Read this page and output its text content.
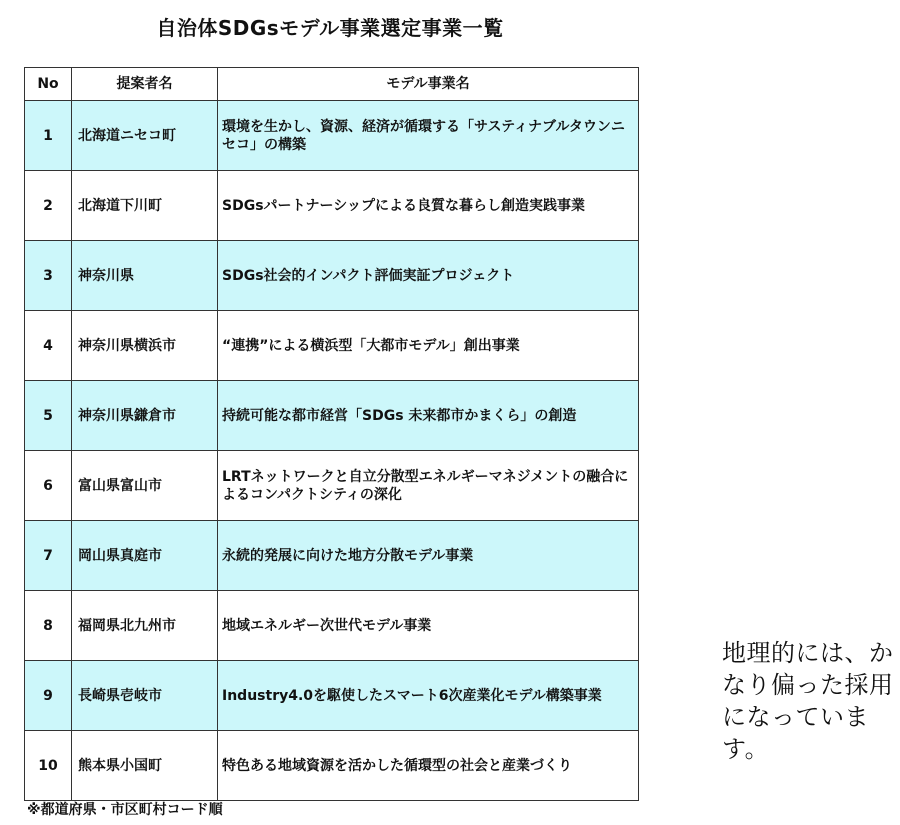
自治体SDGsモデル事業選定事業一覧
No	提案者名	モデル事業名
1	北海道ニセコ町	環境を生かし、資源、経済が循環する「サスティナブルタウンニセコ」の構築
2	北海道下川町	SDGsパートナーシップによる良質な暮らし創造実践事業
3	神奈川県	SDGs社会的インパクト評価実証プロジェクト
4	神奈川県横浜市	“連携”による横浜型「大都市モデル」創出事業
5	神奈川県鎌倉市	持続可能な都市経営「SDGs 未来都市かまくら」の創造
6	富山県富山市	LRTネットワークと自立分散型エネルギーマネジメントの融合によるコンパクトシティの深化
7	岡山県真庭市	永続的発展に向けた地方分散モデル事業
8	福岡県北九州市	地域エネルギー次世代モデル事業
9	長崎県壱岐市	Industry4.0を駆使したスマート6次産業化モデル構築事業
10	熊本県小国町	特色ある地域資源を活かした循環型の社会と産業づくり
※都道府県・市区町村コード順
地理的には、かなり偏った採用になっています。
